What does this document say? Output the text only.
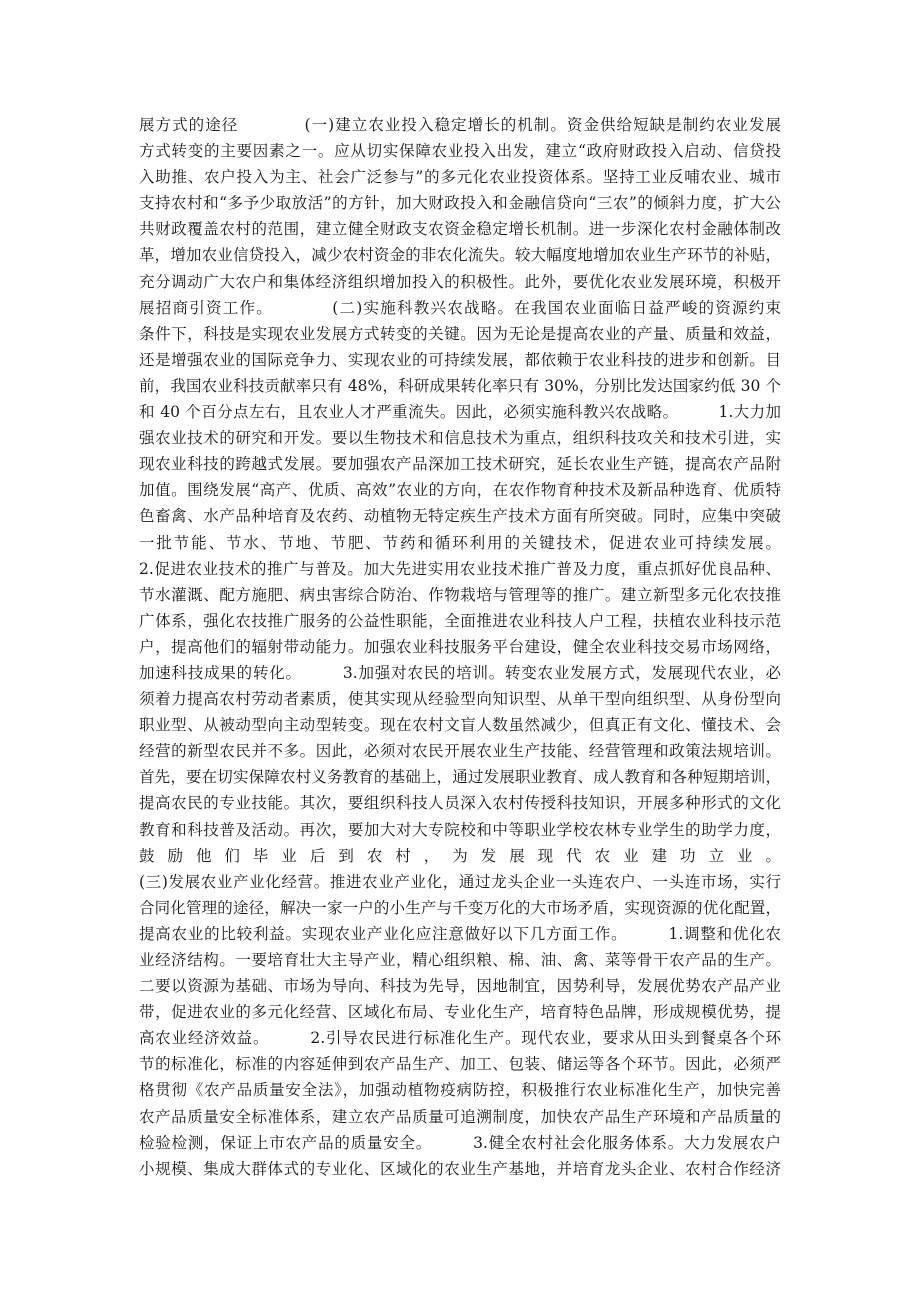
展方式的途径　　　　(一)建立农业投入稳定增长的机制。资金供给短缺是制约农业发展
方式转变的主要因素之一。应从切实保障农业投入出发，建立“政府财政投入启动、信贷投
入助推、农户投入为主、社会广泛参与”的多元化农业投资体系。坚持工业反哺农业、城市
支持农村和“多予少取放活”的方针，加大财政投入和金融信贷向“三农”的倾斜力度，扩大公
共财政覆盖农村的范围，建立健全财政支农资金稳定增长机制。进一步深化农村金融体制改
革，增加农业信贷投入，减少农村资金的非农化流失。较大幅度地增加农业生产环节的补贴，
充分调动广大农户和集体经济组织增加投入的积极性。此外，要优化农业发展环境，积极开
展招商引资工作。　　　　(二)实施科教兴农战略。在我国农业面临日益严峻的资源约束
条件下，科技是实现农业发展方式转变的关键。因为无论是提高农业的产量、质量和效益，
还是增强农业的国际竞争力、实现农业的可持续发展，都依赖于农业科技的进步和创新。目
前，我国农业科技贡献率只有 48%，科研成果转化率只有 30%，分别比发达国家约低 30 个
和 40 个百分点左右，且农业人才严重流失。因此，必须实施科教兴农战略。　　　1.大力加
强农业技术的研究和开发。要以生物技术和信息技术为重点，组织科技攻关和技术引进，实
现农业科技的跨越式发展。要加强农产品深加工技术研究，延长农业生产链，提高农产品附
加值。围绕发展“高产、优质、高效”农业的方向，在农作物育种技术及新品种选育、优质特
色畜禽、水产品种培育及农药、动植物无特定疾生产技术方面有所突破。同时，应集中突破
一批节能、节水、节地、节肥、节药和循环利用的关键技术，促进农业可持续发展。
2.促进农业技术的推广与普及。加大先进实用农业技术推广普及力度，重点抓好优良品种、
节水灌溉、配方施肥、病虫害综合防治、作物栽培与管理等的推广。建立新型多元化农技推
广体系，强化农技推广服务的公益性职能，全面推进农业科技人户工程，扶植农业科技示范
户，提高他们的辐射带动能力。加强农业科技服务平台建设，健全农业科技交易市场网络，
加速科技成果的转化。　　　3.加强对农民的培训。转变农业发展方式，发展现代农业，必
须着力提高农村劳动者素质，使其实现从经验型向知识型、从单干型向组织型、从身份型向
职业型、从被动型向主动型转变。现在农村文盲人数虽然减少，但真正有文化、懂技术、会
经营的新型农民并不多。因此，必须对农民开展农业生产技能、经营管理和政策法规培训。
首先，要在切实保障农村义务教育的基础上，通过发展职业教育、成人教育和各种短期培训，
提高农民的专业技能。其次，要组织科技人员深入农村传授科技知识，开展多种形式的文化
教育和科技普及活动。再次，要加大对大专院校和中等职业学校农林专业学生的助学力度，
鼓励他们毕业后到农村，为发展现代农业建功立业。
(三)发展农业产业化经营。推进农业产业化，通过龙头企业一头连农户、一头连市场，实行
合同化管理的途径，解决一家一户的小生产与千变万化的大市场矛盾，实现资源的优化配置，
提高农业的比较利益。实现农业产业化应注意做好以下几方面工作。　　　1.调整和优化农
业经济结构。一要培育壮大主导产业，精心组织粮、棉、油、禽、菜等骨干农产品的生产。
二要以资源为基础、市场为导向、科技为先导，因地制宜，因势利导，发展优势农产品产业
带，促进农业的多元化经营、区域化布局、专业化生产，培育特色品牌，形成规模优势，提
高农业经济效益。　　　2.引导农民进行标准化生产。现代农业，要求从田头到餐桌各个环
节的标准化，标准的内容延伸到农产品生产、加工、包装、储运等各个环节。因此，必须严
格贯彻《农产品质量安全法》，加强动植物疫病防控，积极推行农业标准化生产，加快完善
农产品质量安全标准体系，建立农产品质量可追溯制度，加快农产品生产环境和产品质量的
检验检测，保证上市农产品的质量安全。　　　3.健全农村社会化服务体系。大力发展农户
小规模、集成大群体式的专业化、区域化的农业生产基地，并培育龙头企业、农村合作经济
